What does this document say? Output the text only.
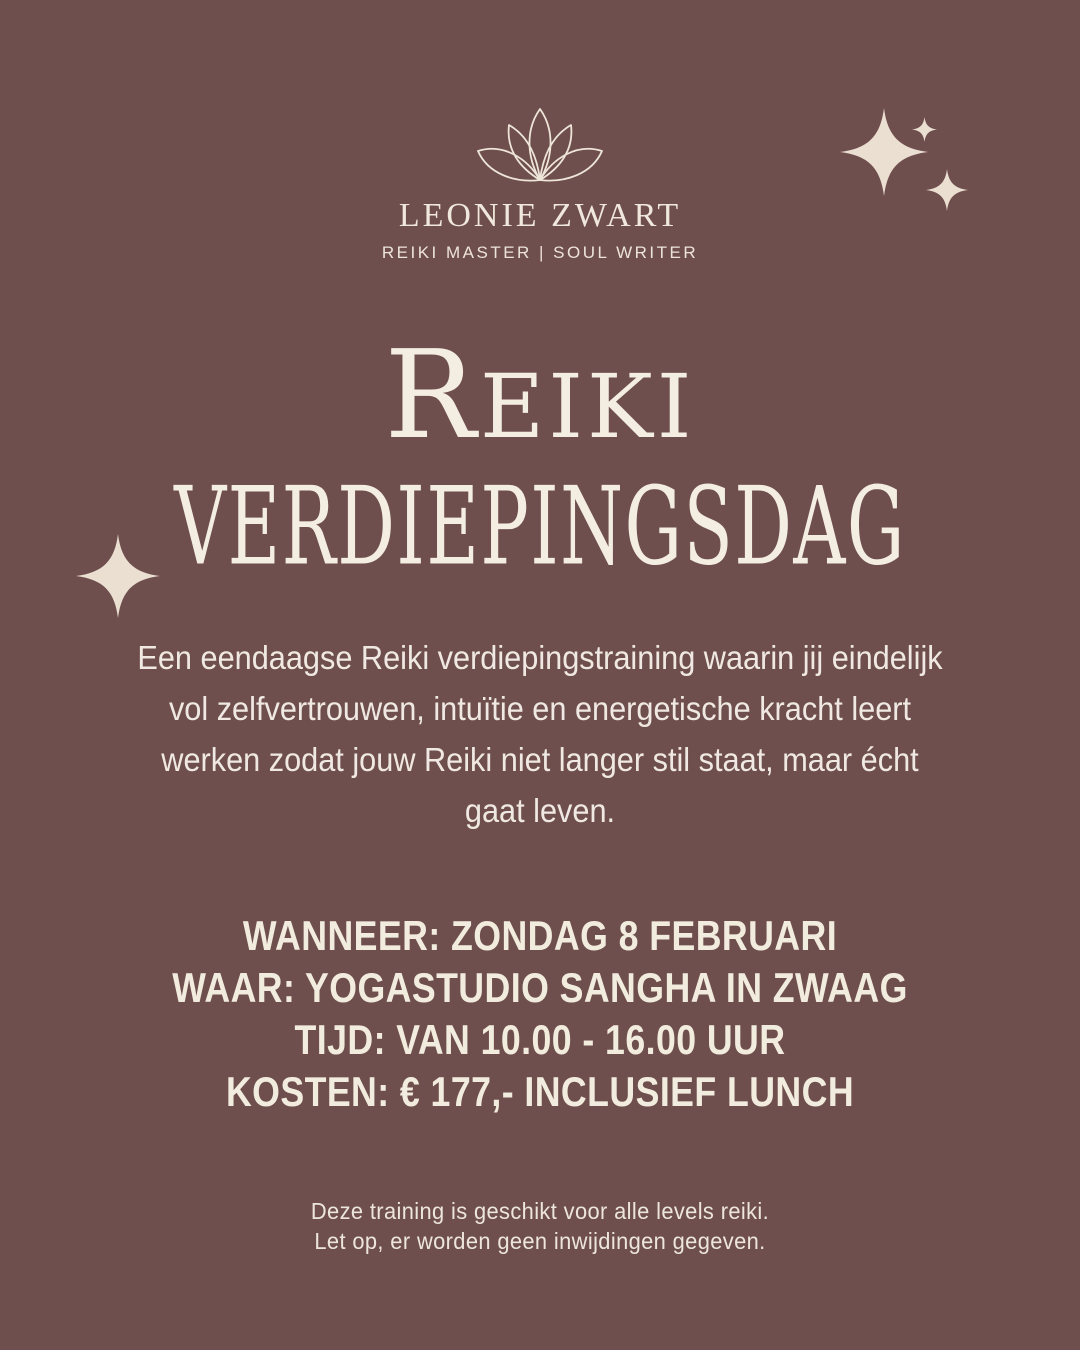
LEONIE ZWART
REIKI MASTER | SOUL WRITER
REIKI
VERDIEPINGSDAG
Een eendaagse Reiki verdiepingstraining waarin jij eindelijk
vol zelfvertrouwen, intuïtie en energetische kracht leert
werken zodat jouw Reiki niet langer stil staat, maar écht
gaat leven.
WANNEER: ZONDAG 8 FEBRUARI
WAAR: YOGASTUDIO SANGHA IN ZWAAG
TIJD: VAN 10.00 - 16.00 UUR
KOSTEN: € 177,- INCLUSIEF LUNCH
Deze training is geschikt voor alle levels reiki.
Let op, er worden geen inwijdingen gegeven.
